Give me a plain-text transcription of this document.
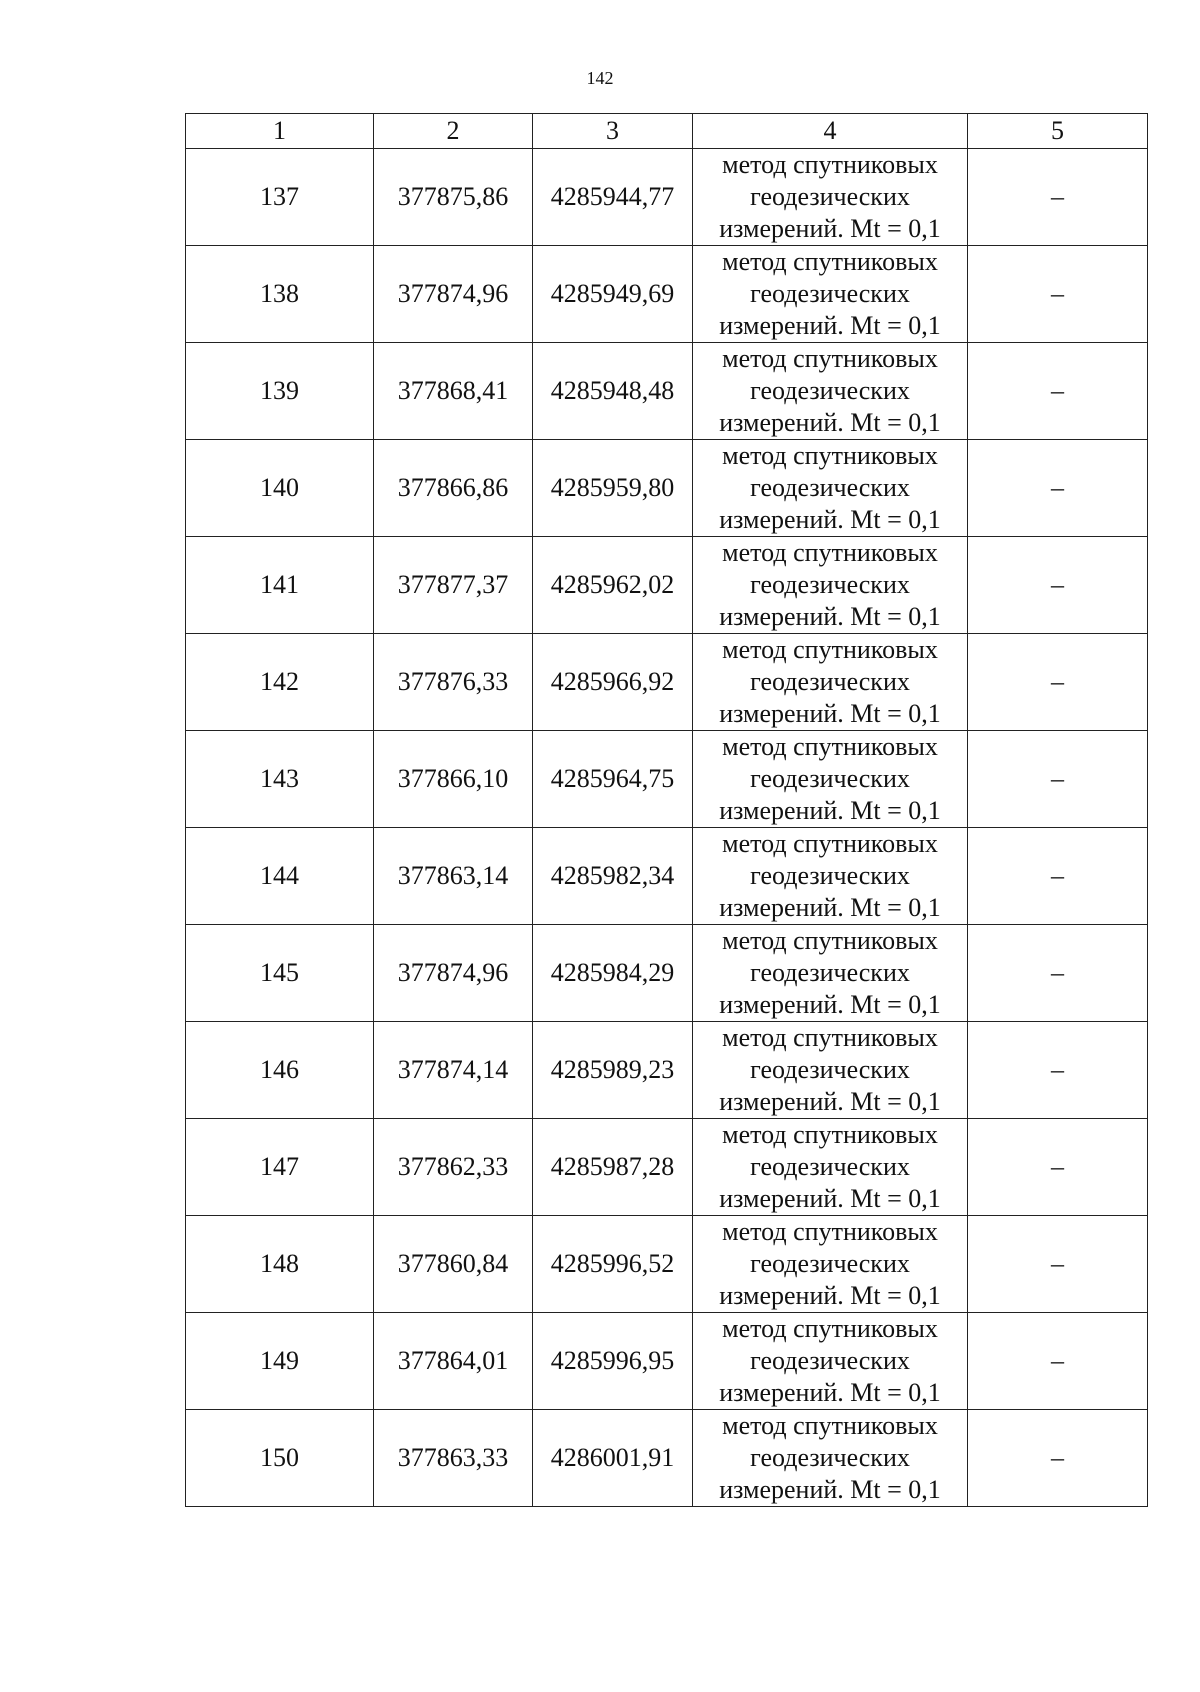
142
1	2	3	4	5
137	377875,86	4285944,77	метод спутниковых
геодезических
измерений. Mt = 0,1	–
138	377874,96	4285949,69	метод спутниковых
геодезических
измерений. Mt = 0,1	–
139	377868,41	4285948,48	метод спутниковых
геодезических
измерений. Mt = 0,1	–
140	377866,86	4285959,80	метод спутниковых
геодезических
измерений. Mt = 0,1	–
141	377877,37	4285962,02	метод спутниковых
геодезических
измерений. Mt = 0,1	–
142	377876,33	4285966,92	метод спутниковых
геодезических
измерений. Mt = 0,1	–
143	377866,10	4285964,75	метод спутниковых
геодезических
измерений. Mt = 0,1	–
144	377863,14	4285982,34	метод спутниковых
геодезических
измерений. Mt = 0,1	–
145	377874,96	4285984,29	метод спутниковых
геодезических
измерений. Mt = 0,1	–
146	377874,14	4285989,23	метод спутниковых
геодезических
измерений. Mt = 0,1	–
147	377862,33	4285987,28	метод спутниковых
геодезических
измерений. Mt = 0,1	–
148	377860,84	4285996,52	метод спутниковых
геодезических
измерений. Mt = 0,1	–
149	377864,01	4285996,95	метод спутниковых
геодезических
измерений. Mt = 0,1	–
150	377863,33	4286001,91	метод спутниковых
геодезических
измерений. Mt = 0,1	–
